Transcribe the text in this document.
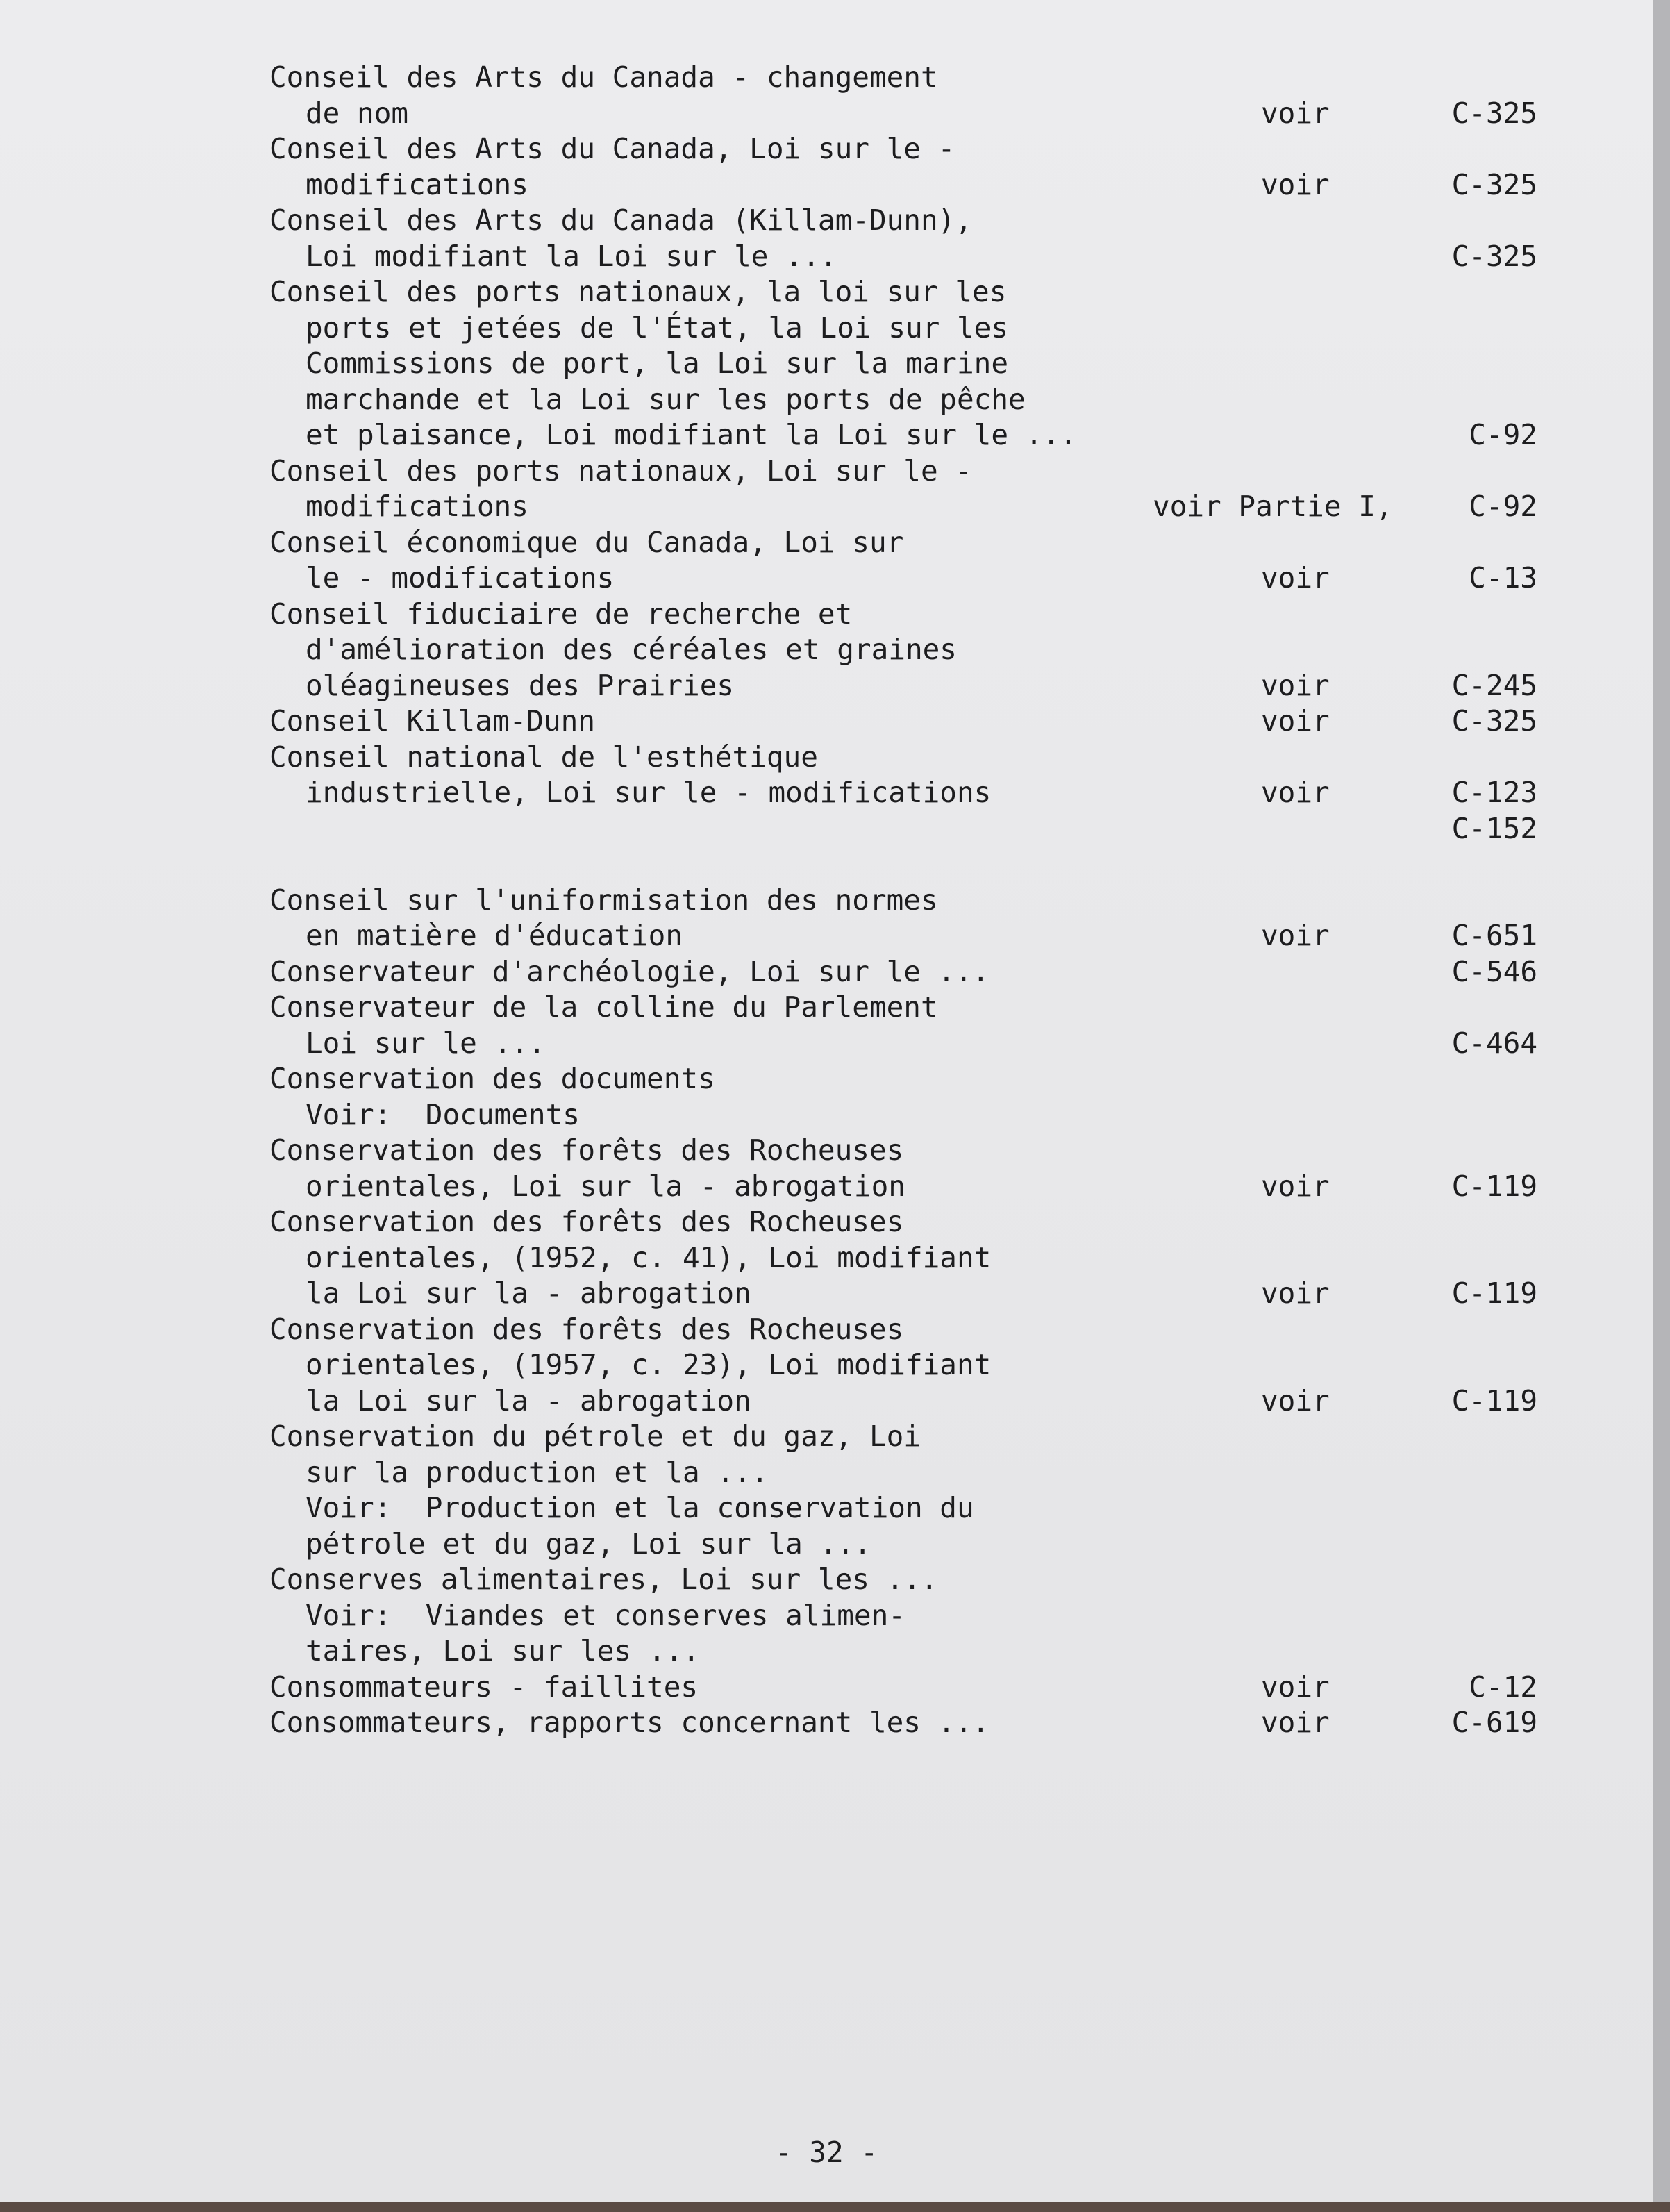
Conseil des Arts du Canada - changement
de nom	voir	C-325
Conseil des Arts du Canada, Loi sur le -
modifications	voir	C-325
Conseil des Arts du Canada (Killam-Dunn),
Loi modifiant la Loi sur le ...	C-325
Conseil des ports nationaux, la loi sur les
ports et jetées de l'État, la Loi sur les
Commissions de port, la Loi sur la marine
marchande et la Loi sur les ports de pêche
et plaisance, Loi modifiant la Loi sur le ...	C-92
Conseil des ports nationaux, Loi sur le -
modifications	voir Partie I,	C-92
Conseil économique du Canada, Loi sur
le - modifications	voir	C-13
Conseil fiduciaire de recherche et
d'amélioration des céréales et graines
oléagineuses des Prairies	voir	C-245
Conseil Killam-Dunn	voir	C-325
Conseil national de l'esthétique
industrielle, Loi sur le - modifications	voir	C-123
C-152
Conseil sur l'uniformisation des normes
en matière d'éducation	voir	C-651
Conservateur d'archéologie, Loi sur le ...	C-546
Conservateur de la colline du Parlement
Loi sur le ...	C-464
Conservation des documents
Voir:  Documents
Conservation des forêts des Rocheuses
orientales, Loi sur la - abrogation	voir	C-119
Conservation des forêts des Rocheuses
orientales, (1952, c. 41), Loi modifiant
la Loi sur la - abrogation	voir	C-119
Conservation des forêts des Rocheuses
orientales, (1957, c. 23), Loi modifiant
la Loi sur la - abrogation	voir	C-119
Conservation du pétrole et du gaz, Loi
sur la production et la ...
Voir:  Production et la conservation du
pétrole et du gaz, Loi sur la ...
Conserves alimentaires, Loi sur les ...
Voir:  Viandes et conserves alimen-
taires, Loi sur les ...
Consommateurs - faillites	voir	C-12
Consommateurs, rapports concernant les ...	voir	C-619
- 32 -
